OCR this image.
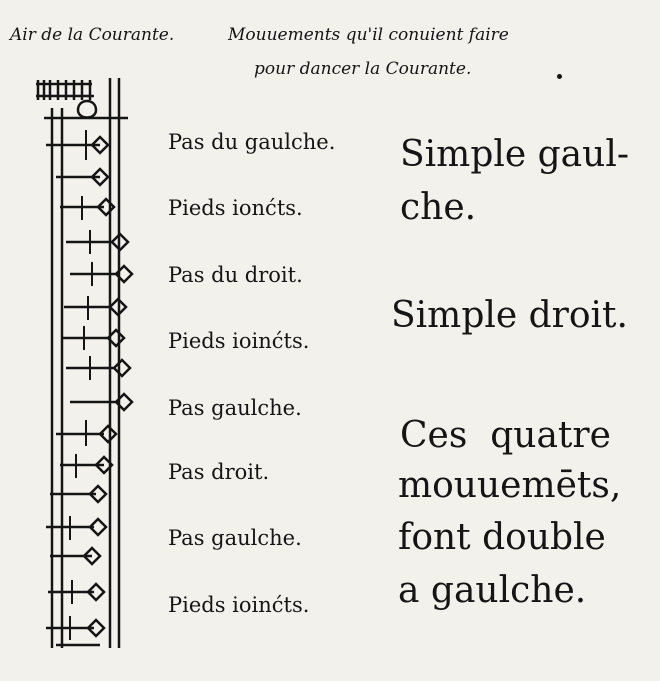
Air de la Courante.	Mouuements qu'il conuient faire
pour dancer la Courante.
Pas du gaulche.
Pieds ionćts.
Pas du droit.
Pieds ioinćts.
Pas gaulche.
Pas droit.
Pas gaulche.
Pieds ioinćts.
Simple gaul-
che.
Simple droit.
Ces  quatre
mouuemēts,
font double
a gaulche.
